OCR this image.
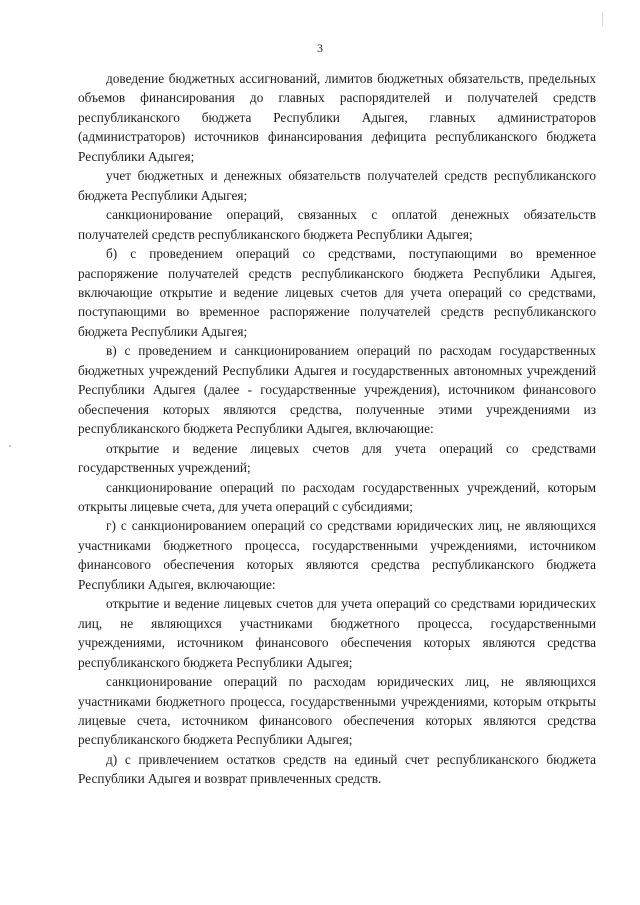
3

доведение бюджетных ассигнований, лимитов бюджетных обязательств, предельных объемов финансирования до главных распорядителей и получателей средств республиканского бюджета Республики Адыгея, главных администраторов (администраторов) источников финансирования дефицита республиканского бюджета Республики Адыгея;

учет бюджетных и денежных обязательств получателей средств республиканского бюджета Республики Адыгея;

санкционирование операций, связанных с оплатой денежных обязательств получателей средств республиканского бюджета Республики Адыгея;

б) с проведением операций со средствами, поступающими во временное распоряжение получателей средств республиканского бюджета Республики Адыгея, включающие открытие и ведение лицевых счетов для учета операций со средствами, поступающими во временное распоряжение получателей средств республиканского бюджета Республики Адыгея;

в) с проведением и санкционированием операций по расходам государственных бюджетных учреждений Республики Адыгея и государственных автономных учреждений Республики Адыгея (далее - государственные учреждения), источником финансового обеспечения которых являются средства, полученные этими учреждениями из республиканского бюджета Республики Адыгея, включающие:

открытие и ведение лицевых счетов для учета операций со средствами государственных учреждений;

санкционирование операций по расходам государственных учреждений, которым открыты лицевые счета, для учета операций с субсидиями;

г) с санкционированием операций со средствами юридических лиц, не являющихся участниками бюджетного процесса, государственными учреждениями, источником финансового обеспечения которых являются средства республиканского бюджета Республики Адыгея, включающие:

открытие и ведение лицевых счетов для учета операций со средствами юридических лиц, не являющихся участниками бюджетного процесса, государственными учреждениями, источником финансового обеспечения которых являются средства республиканского бюджета Республики Адыгея;

санкционирование операций по расходам юридических лиц, не являющихся участниками бюджетного процесса, государственными учреждениями, которым открыты лицевые счета, источником финансового обеспечения которых являются средства республиканского бюджета Республики Адыгея;

д) с привлечением остатков средств на единый счет республиканского бюджета Республики Адыгея и возврат привлеченных средств.
